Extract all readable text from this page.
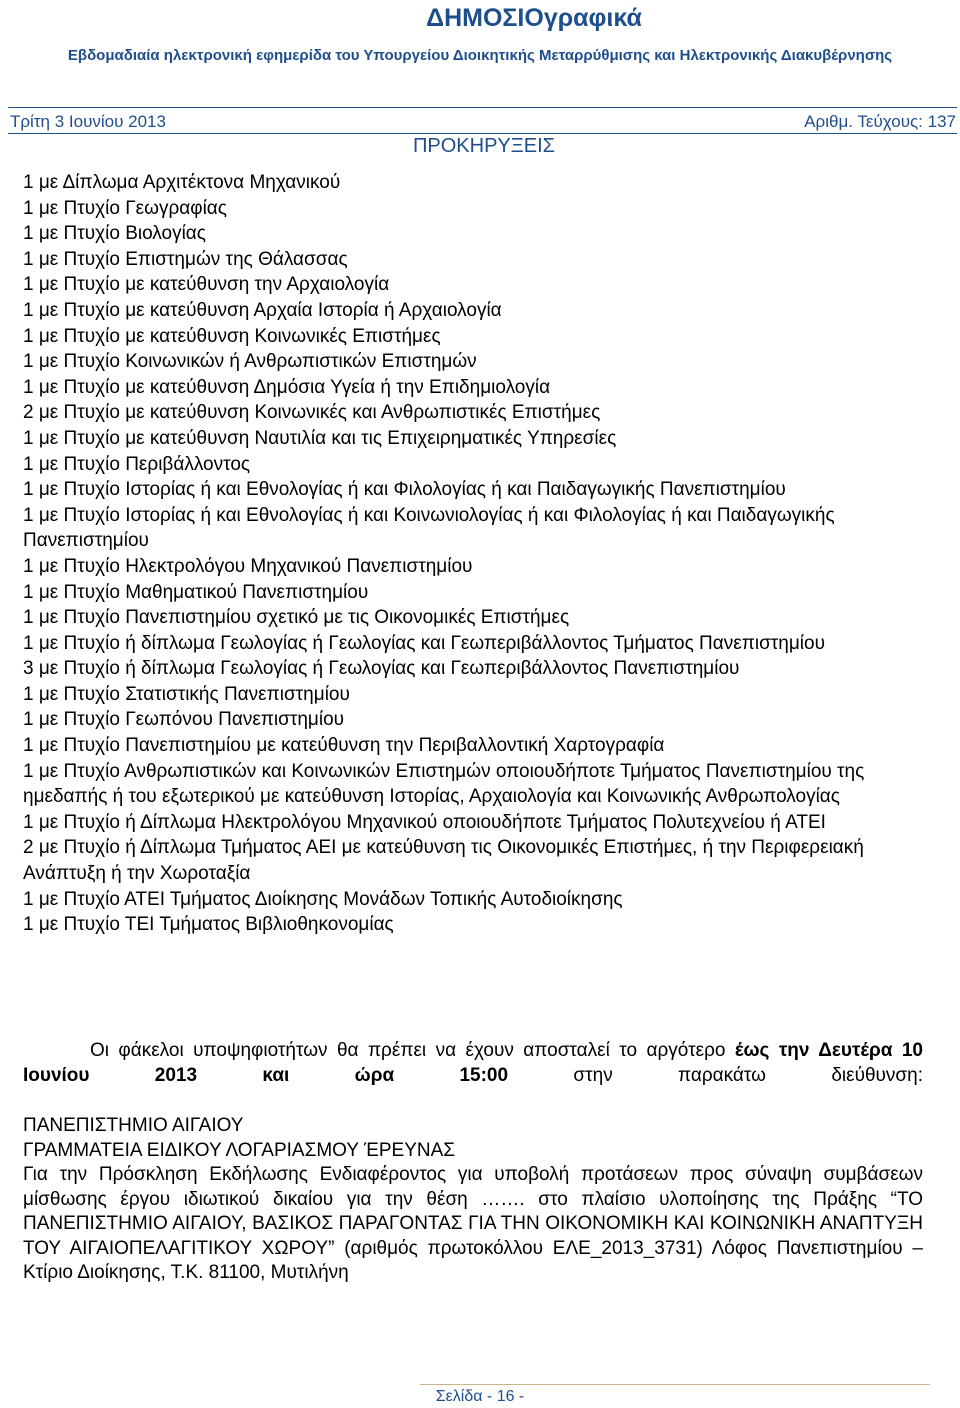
ΔΗΜΟΣΙΟγραφικά
Εβδομαδιαία ηλεκτρονική εφημερίδα του Υπουργείου Διοικητικής Μεταρρύθμισης και Ηλεκτρονικής Διακυβέρνησης
Τρίτη 3 Ιουνίου 2013	Αριθμ. Τεύχους: 137
ΠΡΟΚΗΡΥΞΕΙΣ
1 με Δίπλωμα Αρχιτέκτονα Μηχανικού
1 με Πτυχίο Γεωγραφίας
1 με Πτυχίο Βιολογίας
1 με Πτυχίο Επιστημών της Θάλασσας
1 με Πτυχίο με κατεύθυνση την Αρχαιολογία
1 με Πτυχίο με κατεύθυνση Αρχαία Ιστορία ή Αρχαιολογία
1 με Πτυχίο με κατεύθυνση Κοινωνικές Επιστήμες
1 με Πτυχίο Κοινωνικών ή Ανθρωπιστικών Επιστημών
1 με Πτυχίο με κατεύθυνση Δημόσια Υγεία ή την Επιδημιολογία
2 με Πτυχίο με κατεύθυνση Κοινωνικές και Ανθρωπιστικές Επιστήμες
1 με Πτυχίο με κατεύθυνση Ναυτιλία και τις Επιχειρηματικές Υπηρεσίες
1 με Πτυχίο Περιβάλλοντος
1 με Πτυχίο Ιστορίας ή και Εθνολογίας ή και Φιλολογίας ή και Παιδαγωγικής Πανεπιστημίου
1 με Πτυχίο Ιστορίας ή και Εθνολογίας ή και Κοινωνιολογίας ή και Φιλολογίας ή και Παιδαγωγικής Πανεπιστημίου
1 με Πτυχίο Ηλεκτρολόγου Μηχανικού Πανεπιστημίου
1 με Πτυχίο Μαθηματικού Πανεπιστημίου
1 με Πτυχίο Πανεπιστημίου σχετικό με τις Οικονομικές Επιστήμες
1 με Πτυχίο ή δίπλωμα Γεωλογίας ή Γεωλογίας και Γεωπεριβάλλοντος Τμήματος Πανεπιστημίου
3 με Πτυχίο ή δίπλωμα Γεωλογίας ή Γεωλογίας και Γεωπεριβάλλοντος Πανεπιστημίου
1 με Πτυχίο Στατιστικής Πανεπιστημίου
1 με Πτυχίο Γεωπόνου Πανεπιστημίου
1 με Πτυχίο Πανεπιστημίου με κατεύθυνση την Περιβαλλοντική Χαρτογραφία
1 με Πτυχίο Ανθρωπιστικών και Κοινωνικών Επιστημών οποιουδήποτε Τμήματος Πανεπιστημίου της ημεδαπής ή του εξωτερικού με κατεύθυνση Ιστορίας, Αρχαιολογία και Κοινωνικής Ανθρωπολογίας
1 με Πτυχίο ή Δίπλωμα Ηλεκτρολόγου Μηχανικού οποιουδήποτε Τμήματος Πολυτεχνείου ή ΑΤΕΙ
2 με Πτυχίο ή Δίπλωμα Τμήματος ΑΕΙ με κατεύθυνση τις Οικονομικές Επιστήμες, ή την Περιφερειακή Ανάπτυξη ή την Χωροταξία
1 με Πτυχίο ΑΤΕΙ Τμήματος Διοίκησης Μονάδων Τοπικής Αυτοδιοίκησης
1 με Πτυχίο ΤΕΙ Τμήματος Βιβλιοθηκονομίας
Οι φάκελοι υποψηφιοτήτων θα πρέπει να έχουν αποσταλεί το αργότερο έως την Δευτέρα 10 Ιουνίου 2013 και ώρα 15:00	στην παρακάτω διεύθυνση:
ΠΑΝΕΠΙΣΤΗΜΙΟ ΑΙΓΑΙΟΥ
ΓΡΑΜΜΑΤΕΙΑ ΕΙΔΙΚΟΥ ΛΟΓΑΡΙΑΣΜΟΥ ΈΡΕΥΝΑΣ
Για την Πρόσκληση Εκδήλωσης Ενδιαφέροντος για υποβολή προτάσεων προς σύναψη συμβάσεων μίσθωσης έργου ιδιωτικού δικαίου για την θέση ……. στο πλαίσιο υλοποίησης της Πράξης “ΤΟ ΠΑΝΕΠΙΣΤΗΜΙΟ ΑΙΓΑΙΟΥ, ΒΑΣΙΚΟΣ ΠΑΡΑΓΟΝΤΑΣ ΓΙΑ ΤΗΝ ΟΙΚΟΝΟΜΙΚΗ ΚΑΙ ΚΟΙΝΩΝΙΚΗ ΑΝΑΠΤΥΞΗ ΤΟΥ ΑΙΓΑΙΟΠΕΛΑΓΙΤΙΚΟΥ ΧΩΡΟΥ” (αριθμός πρωτοκόλλου ΕΛΕ_2013_3731) Λόφος Πανεπιστημίου – Κτίριο Διοίκησης, Τ.Κ. 81100, Μυτιλήνη
Σελίδα - 16 -
